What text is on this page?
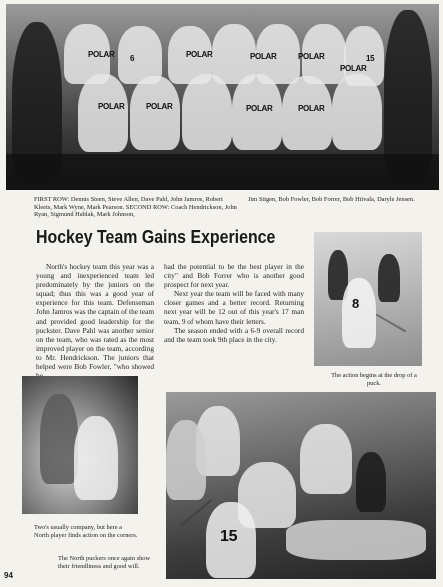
POLAR	POLAR	POLAR	POLAR
POLAR
POLAR	POLAR	POLAR	POLAR
6	15
FIRST ROW: Dennis Steen, Steve Allen, Dave Pahl, John Jamros, Robert Kleets, Mark Wyne, Mark Pearson. SECOND ROW: Coach Hendrickson, John Ryan, Sigmund Hablak, Mark Johnson,
Jim Stigen, Bob Fowler, Bob Forrer, Bob Hiivala, Daryle Jensen.
Hockey Team Gains Experience

North's hockey team this year was a young and inexperienced team led predominately by the juniors on the squad; thus this was a good year of experience for this team. Defenseman John Jamros was the captain of the team and provided good leadership for the puckster. Dave Pahl was another senior on the team, who was rated as the most improved player on the team, according to Mr. Hendrickson. The juniors that helped were Bob Fowler, "who showed

had the potential to be the best player in the city" and Bob Forrer who is another good prospect for next year.

Next year the team will be faced with many closer games and a better record. Returning next year will be 12 out of this year's 17 man team, 9 of whom have their letters.

The season ended with a 6-9 overall record and the team took 9th place in the city.

8
The action begins at the drop of a puck.
Two's usually company, but here a North player finds action on the corners.	15
The North puckers once again show their friendliness and good will.
94
